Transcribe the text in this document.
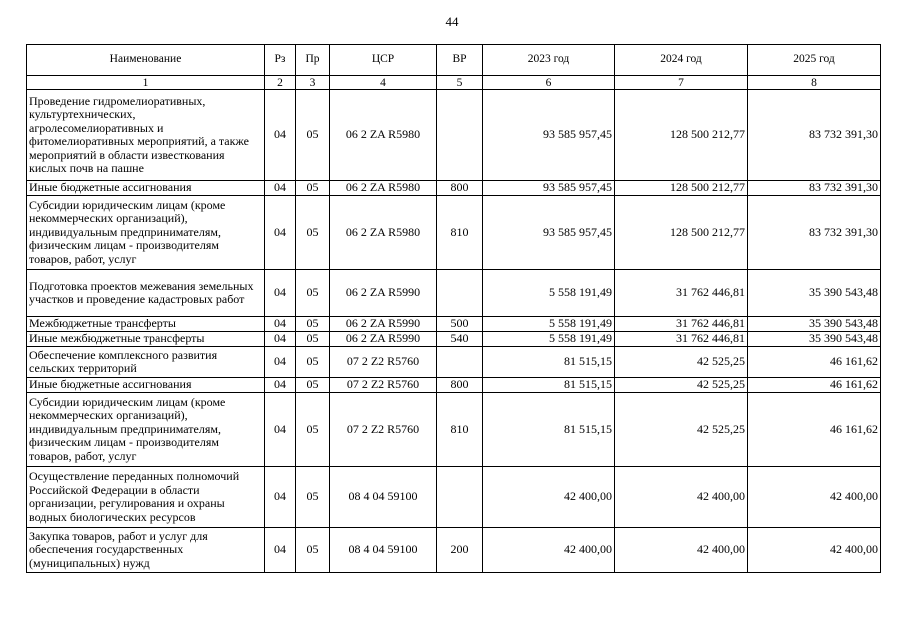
44
Наименование	Рз	Пр	ЦСР	ВР	2023 год	2024 год	2025 год
1	2	3	4	5	6	7	8
Проведение гидромелиоративных, культуртехнических, агролесомелиоративных и фитомелиоративных мероприятий, а также мероприятий в области известкования кислых почв на пашне	04	05	06 2 ZA R5980		93 585 957,45	128 500 212,77	83 732 391,30
Иные бюджетные ассигнования	04	05	06 2 ZA R5980	800	93 585 957,45	128 500 212,77	83 732 391,30
Субсидии юридическим лицам (кроме некоммерческих организаций), индивидуальным предпринимателям, физическим лицам - производителям товаров, работ, услуг	04	05	06 2 ZA R5980	810	93 585 957,45	128 500 212,77	83 732 391,30
Подготовка проектов межевания земельных участков и проведение кадастровых работ	04	05	06 2 ZA R5990		5 558 191,49	31 762 446,81	35 390 543,48
Межбюджетные трансферты	04	05	06 2 ZA R5990	500	5 558 191,49	31 762 446,81	35 390 543,48
Иные межбюджетные трансферты	04	05	06 2 ZA R5990	540	5 558 191,49	31 762 446,81	35 390 543,48
Обеспечение комплексного развития сельских территорий	04	05	07 2 Z2 R5760		81 515,15	42 525,25	46 161,62
Иные бюджетные ассигнования	04	05	07 2 Z2 R5760	800	81 515,15	42 525,25	46 161,62
Субсидии юридическим лицам (кроме некоммерческих организаций), индивидуальным предпринимателям, физическим лицам - производителям товаров, работ, услуг	04	05	07 2 Z2 R5760	810	81 515,15	42 525,25	46 161,62
Осуществление переданных полномочий Российской Федерации в области организации, регулирования и охраны водных биологических ресурсов	04	05	08 4 04 59100		42 400,00	42 400,00	42 400,00
Закупка товаров, работ и услуг для обеспечения государственных (муниципальных) нужд	04	05	08 4 04 59100	200	42 400,00	42 400,00	42 400,00
